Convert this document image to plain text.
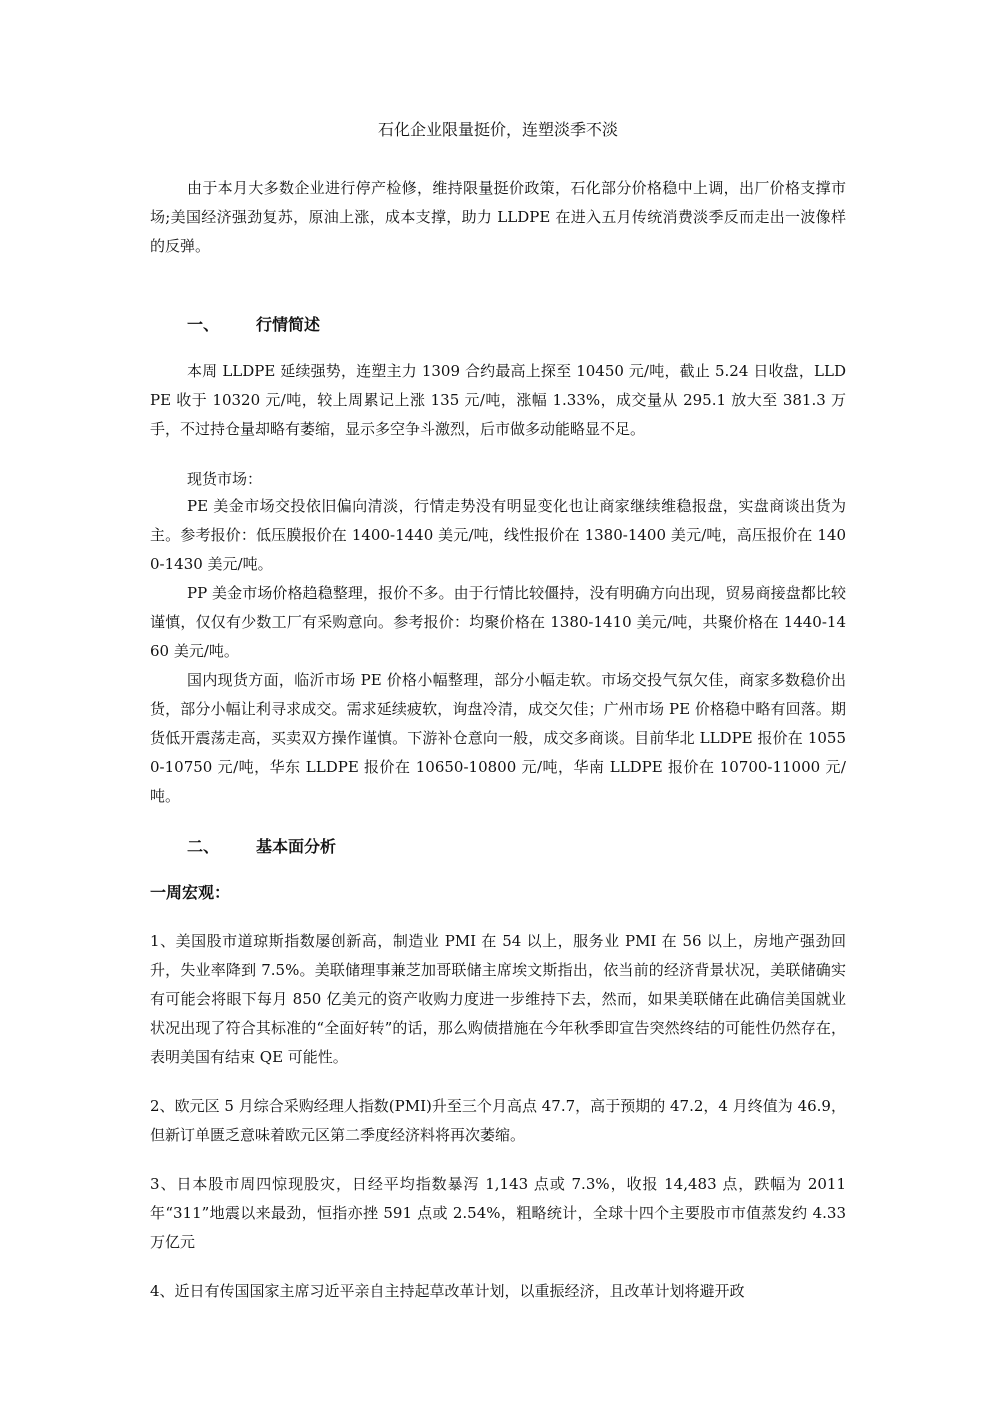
石化企业限量挺价，连塑淡季不淡

由于本月大多数企业进行停产检修，维持限量挺价政策，石化部分价格稳中上调，出厂价格支撑市场;美国经济强劲复苏，原油上涨，成本支撑，助力 LLDPE 在进入五月传统消费淡季反而走出一波像样的反弹。

一、	行情简述

本周 LLDPE 延续强势，连塑主力 1309 合约最高上探至 10450 元/吨，截止 5.24 日收盘，LLDPE 收于 10320 元/吨，较上周累记上涨 135 元/吨，涨幅 1.33%，成交量从 295.1 放大至 381.3 万手，不过持仓量却略有萎缩，显示多空争斗激烈，后市做多动能略显不足。

现货市场：

PE 美金市场交投依旧偏向清淡，行情走势没有明显变化也让商家继续维稳报盘，实盘商谈出货为主。参考报价：低压膜报价在 1400-1440 美元/吨，线性报价在 1380-1400 美元/吨，高压报价在 1400-1430 美元/吨。

PP 美金市场价格趋稳整理，报价不多。由于行情比较僵持，没有明确方向出现，贸易商接盘都比较谨慎，仅仅有少数工厂有采购意向。参考报价：均聚价格在 1380-1410 美元/吨，共聚价格在 1440-1460 美元/吨。

国内现货方面，临沂市场 PE 价格小幅整理，部分小幅走软。市场交投气氛欠佳，商家多数稳价出货，部分小幅让利寻求成交。需求延续疲软，询盘冷清，成交欠佳；广州市场 PE 价格稳中略有回落。期货低开震荡走高，买卖双方操作谨慎。下游补仓意向一般，成交多商谈。目前华北 LLDPE 报价在 10550-10750 元/吨，华东 LLDPE 报价在 10650-10800 元/吨，华南 LLDPE 报价在 10700-11000 元/吨。

二、	基本面分析

一周宏观：

1、美国股市道琼斯指数屡创新高，制造业 PMI 在 54 以上，服务业 PMI 在 56 以上，房地产强劲回升，失业率降到 7.5%。美联储理事兼芝加哥联储主席埃文斯指出，依当前的经济背景状况，美联储确实有可能会将眼下每月 850 亿美元的资产收购力度进一步维持下去，然而，如果美联储在此确信美国就业状况出现了符合其标准的“全面好转”的话，那么购债措施在今年秋季即宣告突然终结的可能性仍然存在，表明美国有结束 QE 可能性。

2、欧元区 5 月综合采购经理人指数(PMI)升至三个月高点 47.7，高于预期的 47.2，4 月终值为 46.9，但新订单匮乏意味着欧元区第二季度经济料将再次萎缩。

3、日本股市周四惊现股灾，日经平均指数暴泻 1,143 点或 7.3%，收报 14,483 点，跌幅为 2011 年“311”地震以来最劲，恒指亦挫 591 点或 2.54%，粗略统计，全球十四个主要股市市值蒸发约 4.33 万亿元

4、近日有传国国家主席习近平亲自主持起草改革计划，以重振经济，且改革计划将避开政
